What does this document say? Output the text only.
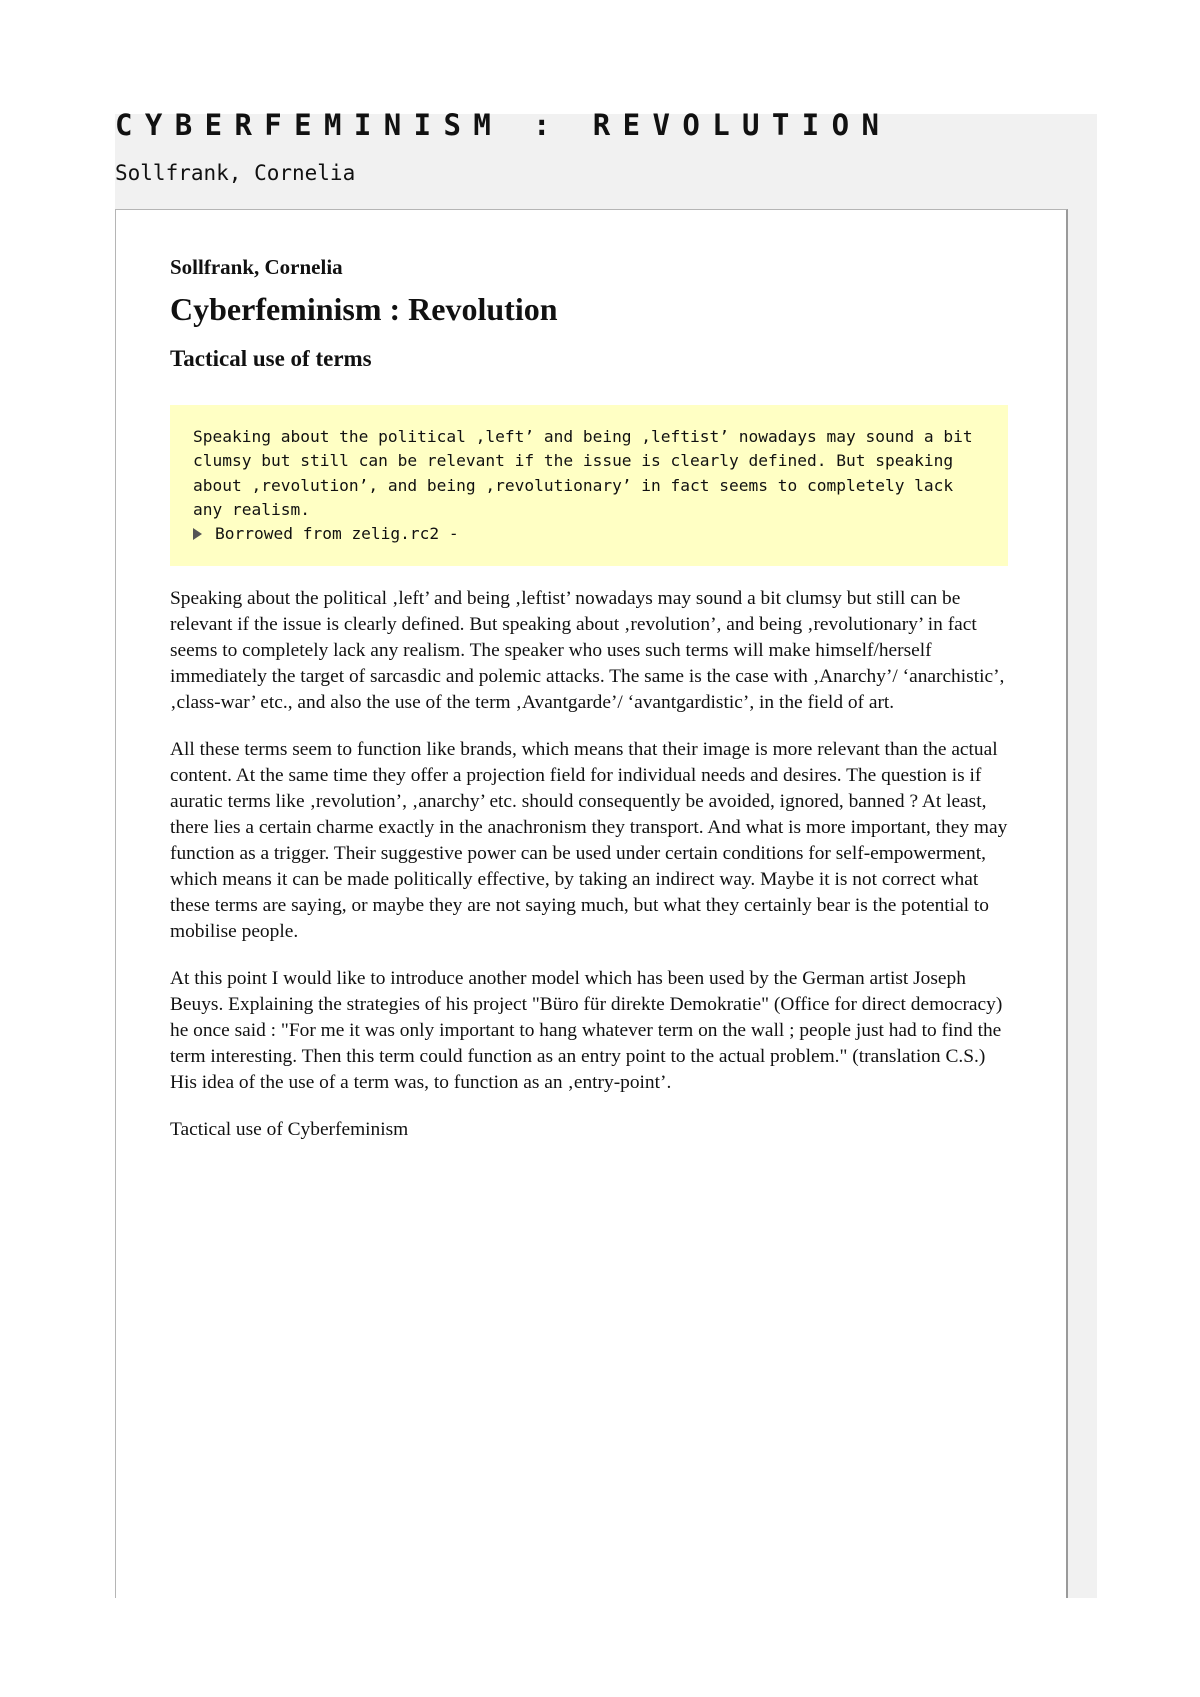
CYBERFEMINISM : REVOLUTION
Sollfrank, Cornelia
Sollfrank, Cornelia
Cyberfeminism : Revolution
Tactical use of terms

Speaking about the political ‚left’ and being ‚leftist’ nowadays may sound a bit clumsy but still can be relevant if the issue is clearly defined. But speaking about ‚revolution’, and being ‚revolutionary’ in fact seems to completely lack any realism.

Borrowed from zelig.rc2 -

Speaking about the political ‚left’ and being ‚leftist’ nowadays may sound a bit clumsy but still can be relevant if the issue is clearly defined. But speaking about ‚revolution’, and being ‚revolutionary’ in fact seems to completely lack any realism. The speaker who uses such terms will make himself/herself immediately the target of sarcasdic and polemic attacks. The same is the case with ‚Anarchy’/ ‘anarchistic’, ‚class-war’ etc., and also the use of the term ‚Avantgarde’/ ‘avantgardistic’, in the field of art.

All these terms seem to function like brands, which means that their image is more relevant than the actual content. At the same time they offer a projection field for individual needs and desires. The question is if auratic terms like ‚revolution’, ‚anarchy’ etc. should consequently be avoided, ignored, banned ? At least, there lies a certain charme exactly in the anachronism they transport. And what is more important, they may function as a trigger. Their suggestive power can be used under certain conditions for self-empowerment, which means it can be made politically effective, by taking an indirect way. Maybe it is not correct what these terms are saying, or maybe they are not saying much, but what they certainly bear is the potential to mobilise people.

At this point I would like to introduce another model which has been used by the German artist Joseph Beuys. Explaining the strategies of his project "Büro für direkte Demokratie" (Office for direct democracy) he once said : "For me it was only important to hang whatever term on the wall ; people just had to find the term interesting. Then this term could function as an entry point to the actual problem." (translation C.S.) His idea of the use of a term was, to function as an ‚entry-point’.

Tactical use of Cyberfeminism
